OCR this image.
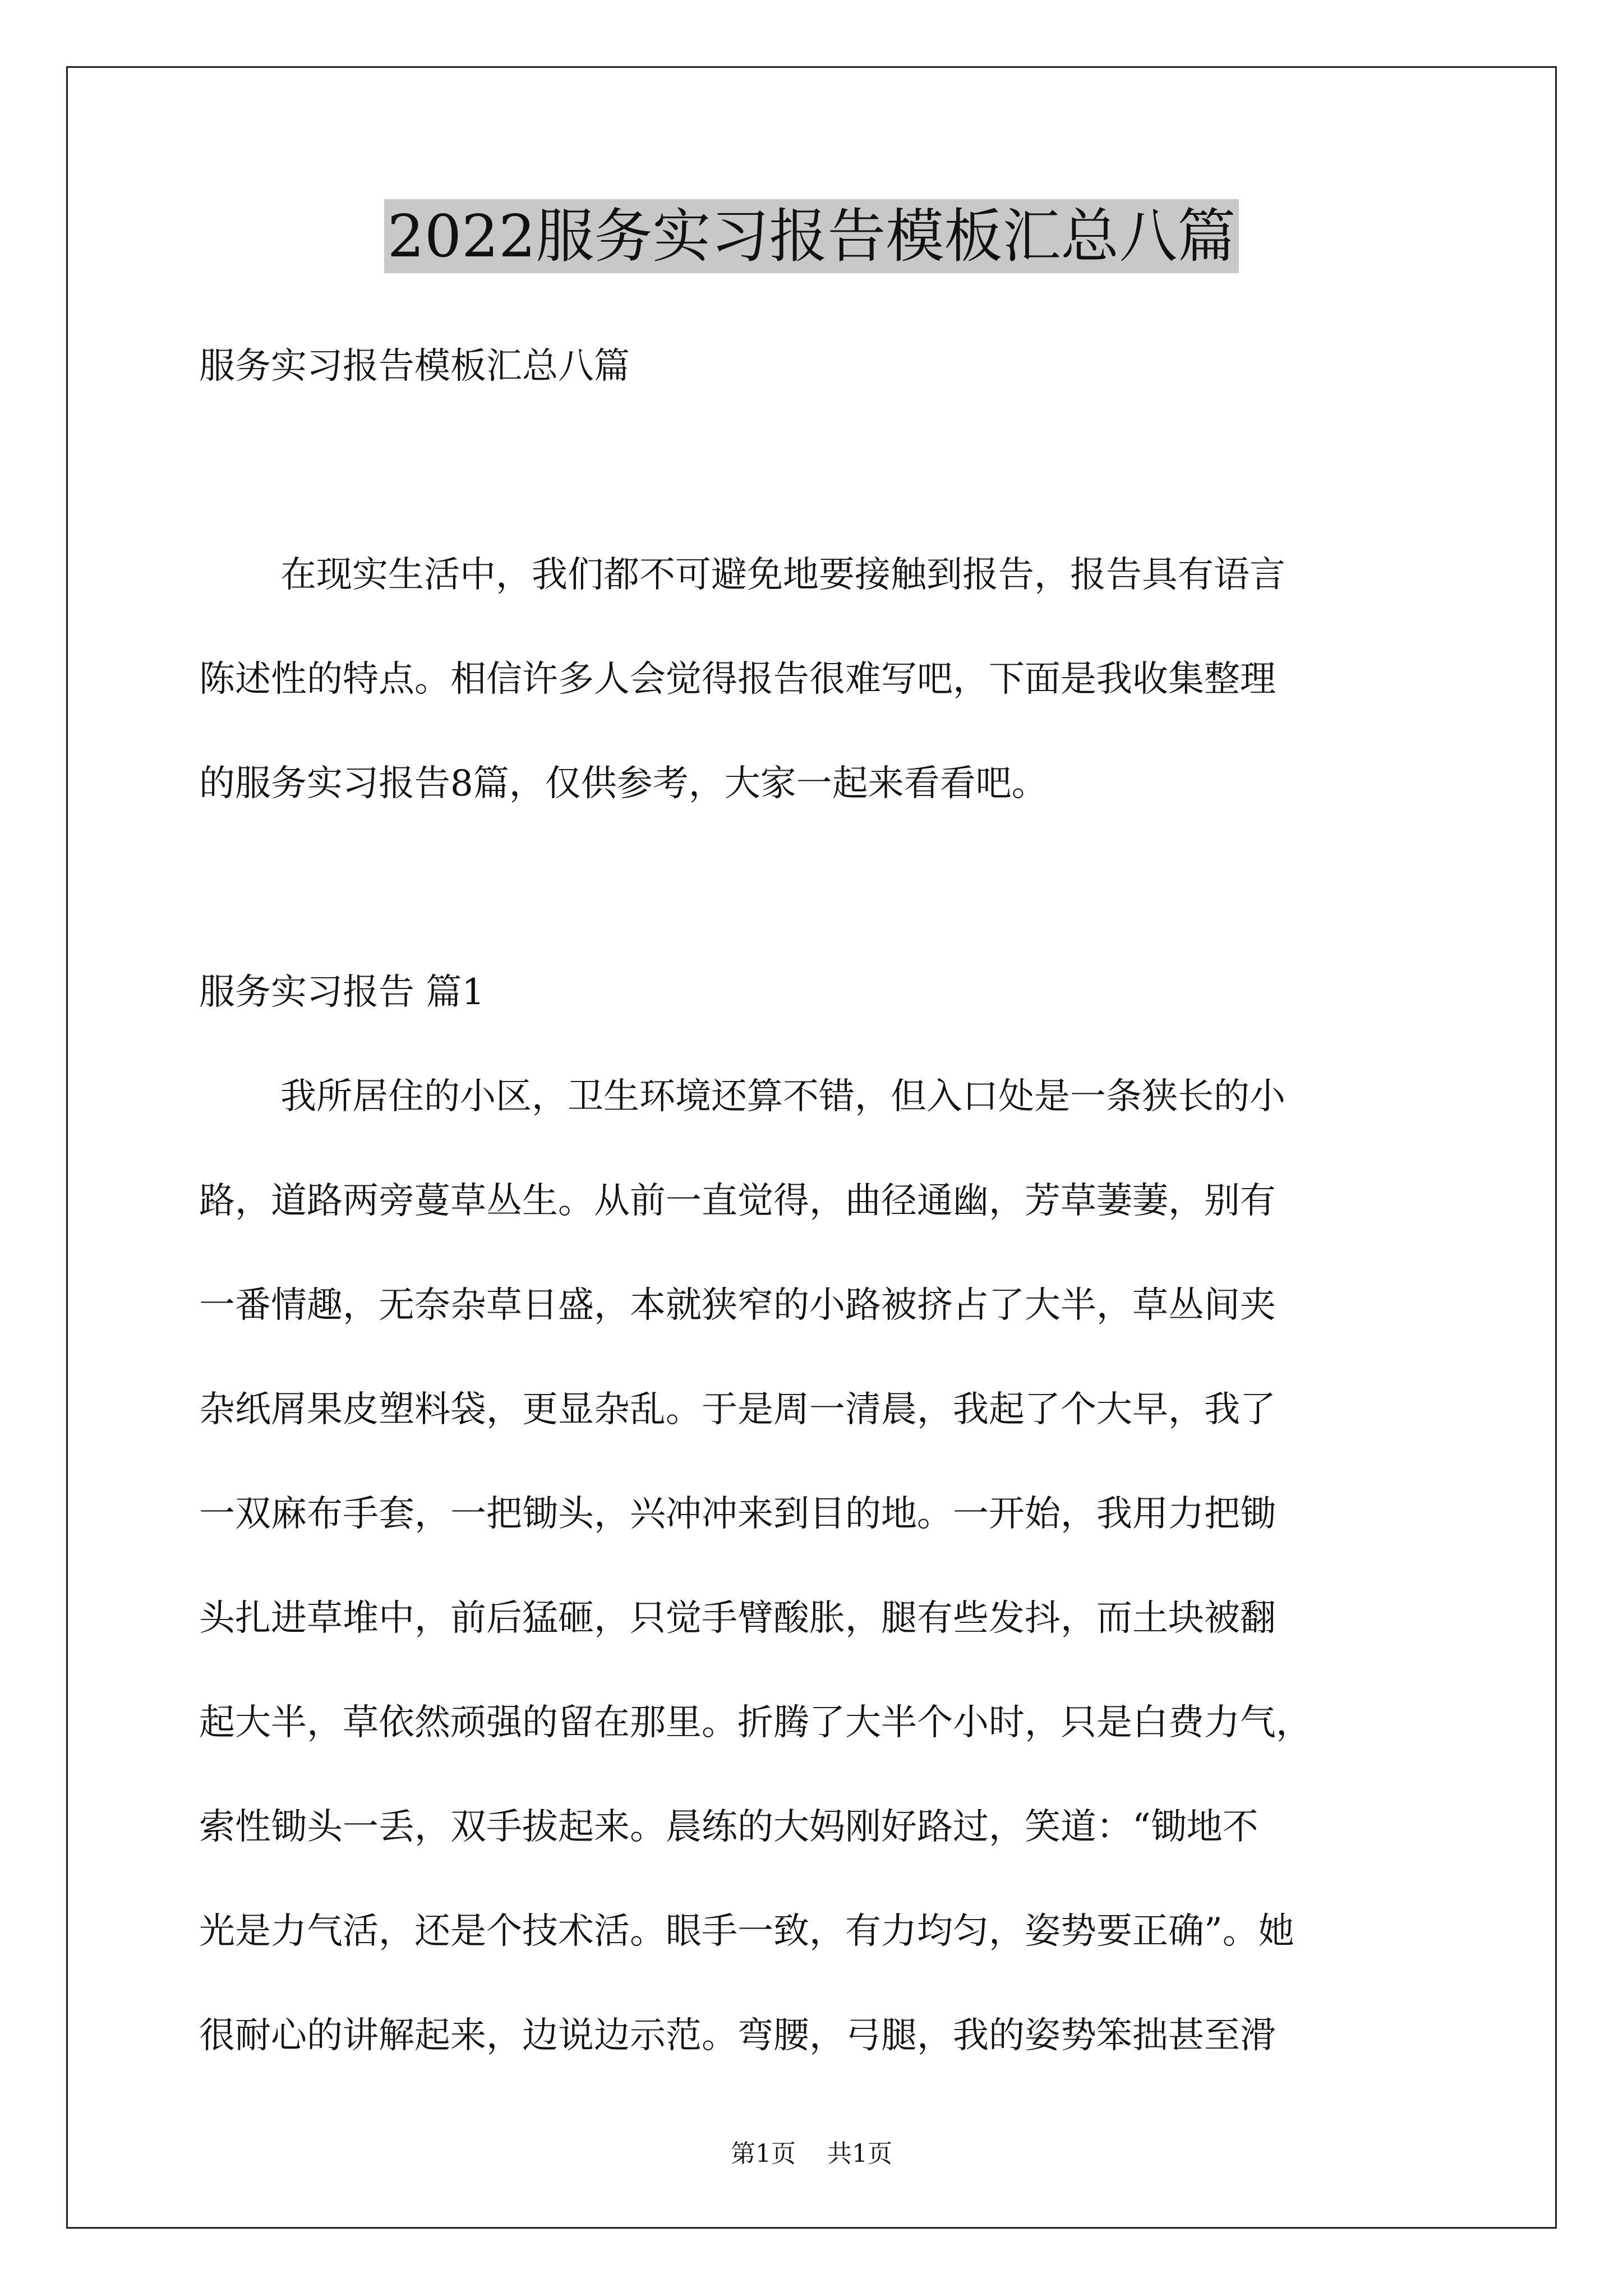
2022服务实习报告模板汇总八篇
服务实习报告模板汇总八篇
在现实生活中，我们都不可避免地要接触到报告，报告具有语言
陈述性的特点。相信许多人会觉得报告很难写吧，下面是我收集整理
的服务实习报告8篇，仅供参考，大家一起来看看吧。
服务实习报告 篇1
我所居住的小区，卫生环境还算不错，但入口处是一条狭长的小
路，道路两旁蔓草丛生。从前一直觉得，曲径通幽，芳草萋萋，别有
一番情趣，无奈杂草日盛，本就狭窄的小路被挤占了大半，草丛间夹
杂纸屑果皮塑料袋，更显杂乱。于是周一清晨，我起了个大早，我了
一双麻布手套，一把锄头，兴冲冲来到目的地。一开始，我用力把锄
头扎进草堆中，前后猛砸，只觉手臂酸胀，腿有些发抖，而土块被翻
起大半，草依然顽强的留在那里。折腾了大半个小时，只是白费力气，
索性锄头一丢，双手拔起来。晨练的大妈刚好路过，笑道：“锄地不
光是力气活，还是个技术活。眼手一致，有力均匀，姿势要正确”。她
很耐心的讲解起来，边说边示范。弯腰，弓腿，我的姿势笨拙甚至滑
第1页 共1页
